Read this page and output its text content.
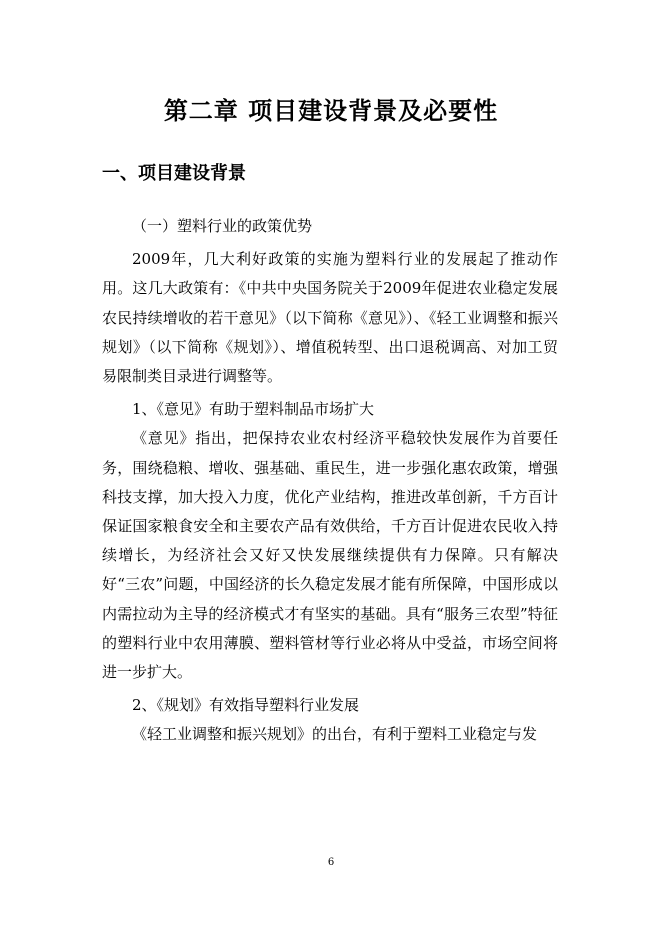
第二章 项目建设背景及必要性
一、项目建设背景

（一）塑料行业的政策优势

2009年，几大利好政策的实施为塑料行业的发展起了推动作用。这几大政策有：《中共中央国务院关于2009年促进农业稳定发展农民持续增收的若干意见》（以下简称《意见》）、《轻工业调整和振兴规划》（以下简称《规划》）、增值税转型、出口退税调高、对加工贸易限制类目录进行调整等。

1、《意见》有助于塑料制品市场扩大

《意见》指出，把保持农业农村经济平稳较快发展作为首要任务，围绕稳粮、增收、强基础、重民生，进一步强化惠农政策，增强科技支撑，加大投入力度，优化产业结构，推进改革创新，千方百计保证国家粮食安全和主要农产品有效供给，千方百计促进农民收入持续增长，为经济社会又好又快发展继续提供有力保障。只有解决好“三农”问题，中国经济的长久稳定发展才能有所保障，中国形成以内需拉动为主导的经济模式才有坚实的基础。具有“服务三农型”特征的塑料行业中农用薄膜、塑料管材等行业必将从中受益，市场空间将进一步扩大。

2、《规划》有效指导塑料行业发展

《轻工业调整和振兴规划》的出台，有利于塑料工业稳定与发

6
